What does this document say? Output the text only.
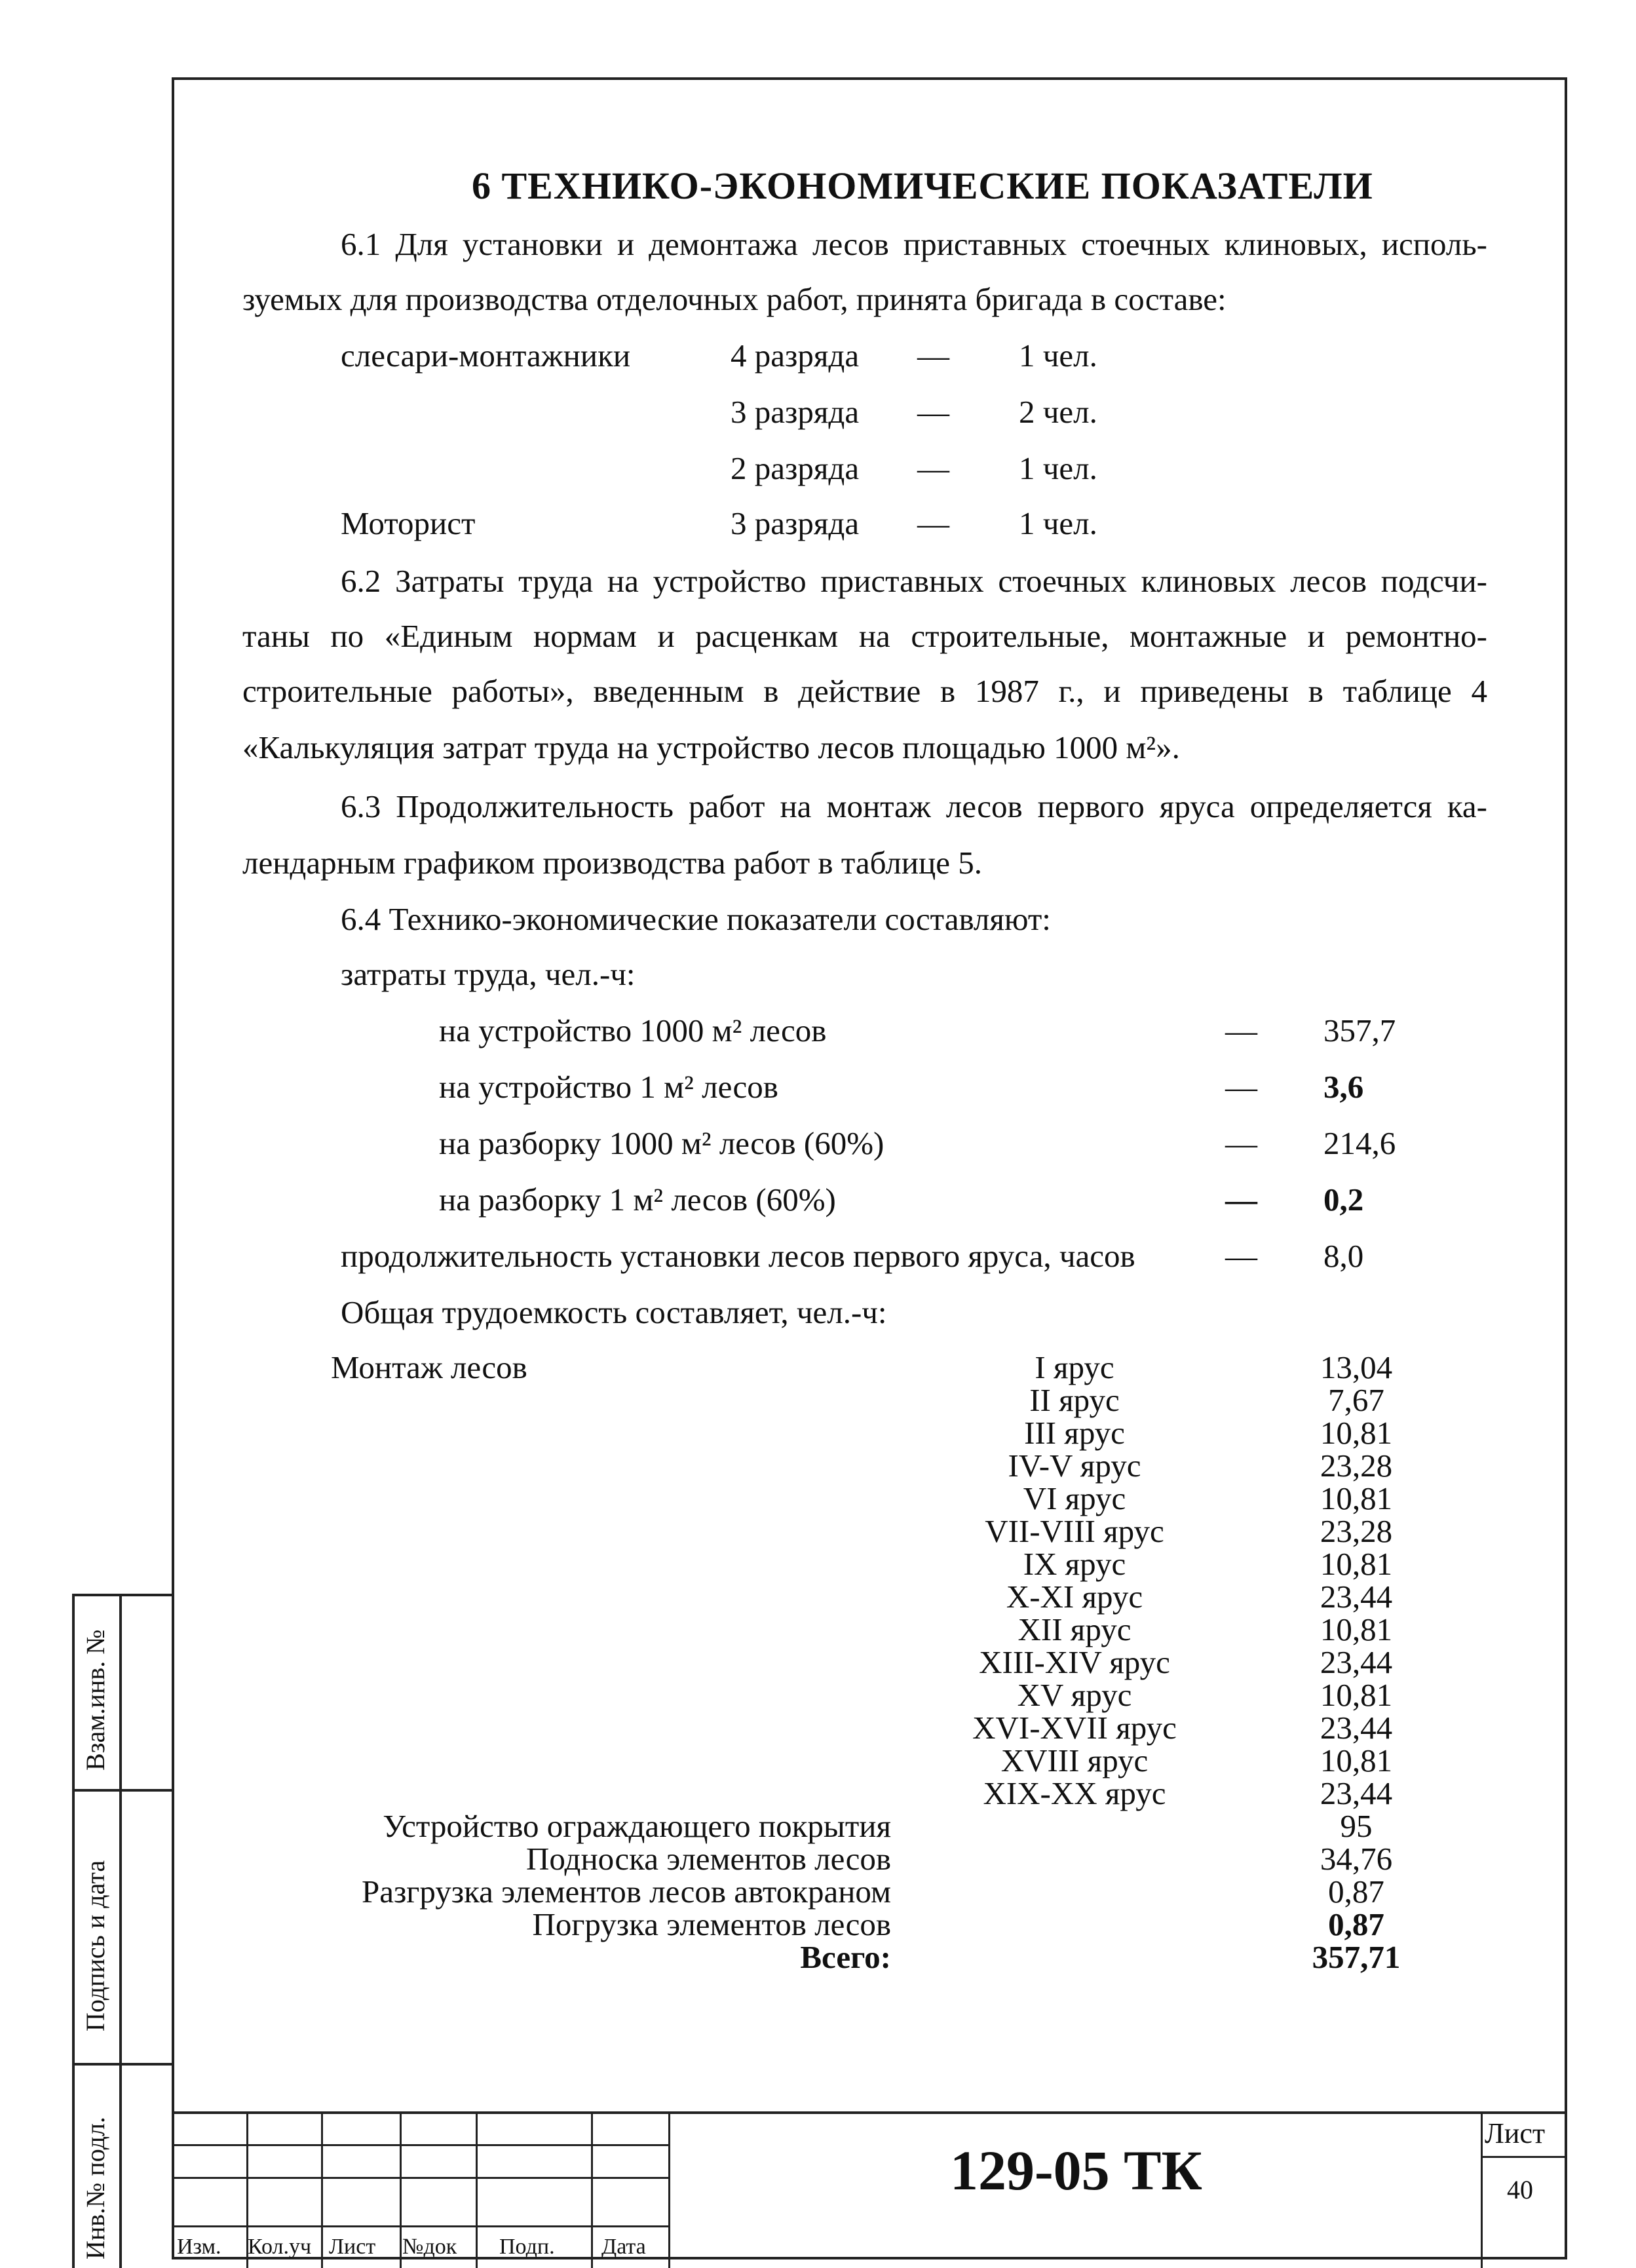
6 ТЕХНИКО-ЭКОНОМИЧЕСКИЕ ПОКАЗАТЕЛИ
6.1 Для установки и демонтажа лесов приставных стоечных клиновых, исполь-
зуемых для производства отделочных работ, принята бригада в составе:
слесари-монтажники	4 разряда — 1 чел.
3 разряда — 2 чел.
2 разряда — 1 чел.
Моторист	3 разряда — 1 чел.
6.2 Затраты труда на устройство приставных стоечных клиновых лесов подсчи-
таны по «Единым нормам и расценкам на строительные, монтажные и ремонтно-
строительные работы», введенным в действие в 1987 г., и приведены в таблице 4
«Калькуляция затрат труда на устройство лесов площадью 1000 м²».
6.3 Продолжительность работ на монтаж лесов первого яруса определяется ка-
лендарным графиком производства работ в таблице 5.
6.4 Технико-экономические показатели составляют:
затраты труда, чел.-ч:
на устройство 1000 м² лесов	— 357,7
на устройство 1 м² лесов	— 3,6
на разборку 1000 м² лесов (60%)	— 214,6
на разборку 1 м² лесов (60%)	— 0,2
продолжительность установки лесов первого яруса, часов	— 8,0
Общая трудоемкость составляет, чел.-ч:
Монтаж лесов	I ярус	13,04
II ярус	7,67
III ярус	10,81
IV-V ярус	23,28
VI ярус	10,81
VII-VIII ярус	23,28
IX ярус	10,81
X-XI ярус	23,44
XII ярус	10,81
XIII-XIV ярус	23,44
XV ярус	10,81
XVI-XVII ярус	23,44
XVIII ярус	10,81
XIX-XX ярус	23,44
Устройство ограждающего покрытия	95
Подноска элементов лесов	34,76
Разгрузка элементов лесов автокраном	0,87
Погрузка элементов лесов	0,87
Всего:	357,71
Изм. Кол.уч Лист №док Подп. Дата
129-05 ТК
Лист
40
Взам.инв. №
Подпись и дата
Инв.№ подл.
